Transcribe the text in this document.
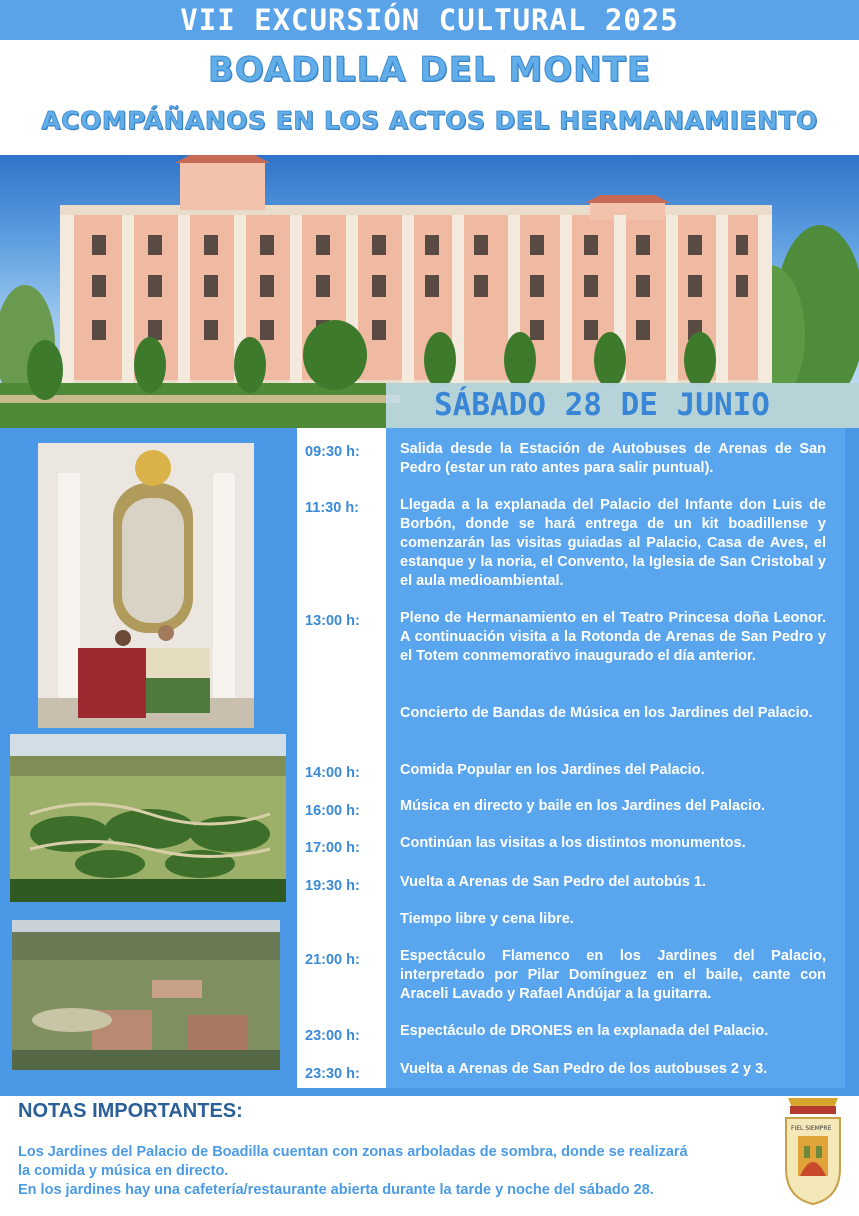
VII EXCURSIÓN CULTURAL 2025
BOADILLA DEL MONTE
ACOMPÁÑANOS EN LOS ACTOS DEL HERMANAMIENTO
SÁBADO 28 DE JUNIO
09:30 h:	Salida desde la Estación de Autobuses de Arenas de San Pedro (estar un rato antes para salir puntual).
11:30 h:	Llegada a la explanada del Palacio del Infante don Luis de Borbón, donde se hará entrega de un kit boadillense y comenzarán las visitas guiadas al Palacio, Casa de Aves, el estanque y la noria, el Convento, la Iglesia de San Cristobal y el aula medioambiental.
13:00 h:	Pleno de Hermanamiento en el Teatro Princesa doña Leonor. A continuación visita a la Rotonda de Arenas de San Pedro y el Totem conmemorativo inaugurado el día anterior.
Concierto de Bandas de Música en los Jardines del Palacio.
14:00 h:	Comida Popular en los Jardines del Palacio.
16:00 h:	Música en directo y baile en los Jardines del Palacio.
17:00 h:	Continúan las visitas a los distintos monumentos.
19:30 h:	Vuelta a Arenas de San Pedro del autobús 1.
Tiempo libre y cena libre.
21:00 h:	Espectáculo Flamenco en los Jardines del Palacio, interpretado por Pilar Domínguez en el baile, cante con Araceli Lavado y Rafael Andújar a la guitarra.
23:00 h:	Espectáculo de DRONES en la explanada del Palacio.
23:30 h:	Vuelta a Arenas de San Pedro de los autobuses 2 y 3.
NOTAS IMPORTANTES:
Los Jardines del Palacio de Boadilla cuentan con zonas arboladas de sombra, donde se realizará
la comida y música en directo.
En los jardines hay una cafetería/restaurante abierta durante la tarde y noche del sábado 28.
FIEL SIEMPRE
